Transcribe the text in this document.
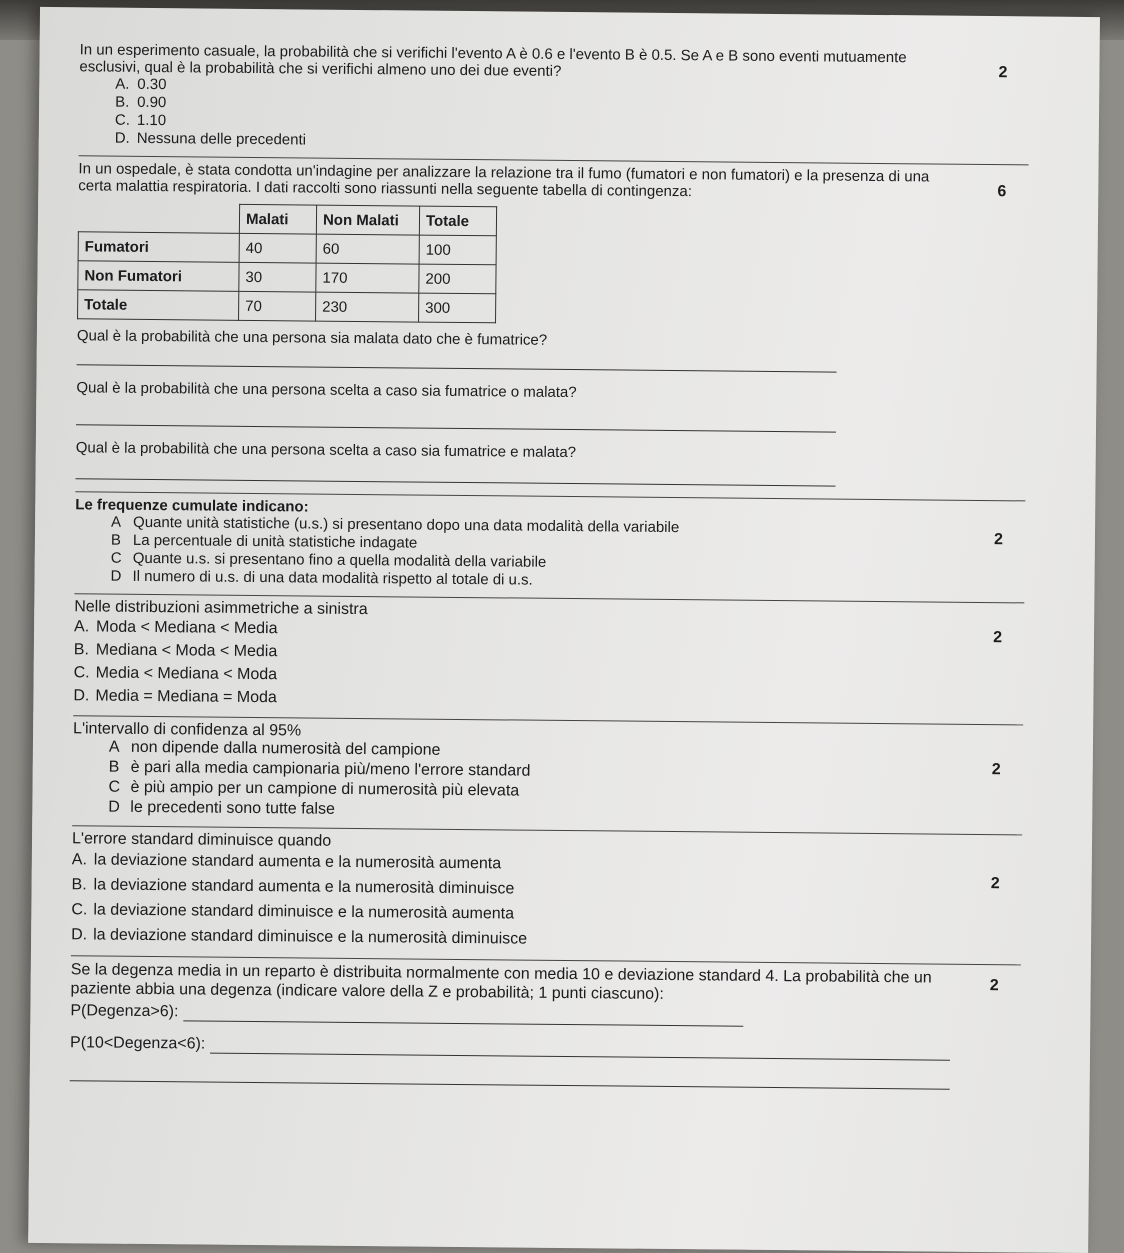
In un esperimento casuale, la probabilità che si verifichi l'evento A è 0.6 e l'evento B è 0.5. Se A e B sono eventi mutuamente esclusivi, qual è la probabilità che si verifichi almeno uno dei due eventi?	2
A. 0.30
B. 0.90
C. 1.10
D. Nessuna delle precedenti
In un ospedale, è stata condotta un'indagine per analizzare la relazione tra il fumo (fumatori e non fumatori) e la presenza di una certa malattia respiratoria. I dati raccolti sono riassunti nella seguente tabella di contingenza:	6
	Malati	Non Malati	Totale
Fumatori	40	60	100
Non Fumatori	30	170	200
Totale	70	230	300
Qual è la probabilità che una persona sia malata dato che è fumatrice?
Qual è la probabilità che una persona scelta a caso sia fumatrice o malata?
Qual è la probabilità che una persona scelta a caso sia fumatrice e malata?
Le frequenze cumulate indicano:
2
A Quante unità statistiche (u.s.) si presentano dopo una data modalità della variabile
B La percentuale di unità statistiche indagate
C Quante u.s. si presentano fino a quella modalità della variabile
D Il numero di u.s. di una data modalità rispetto al totale di u.s.
Nelle distribuzioni asimmetriche a sinistra
2
A. Moda < Mediana < Media
B. Mediana < Moda < Media
C. Media < Mediana < Moda
D. Media = Mediana = Moda
L'intervallo di confidenza al 95%
2
A non dipende dalla numerosità del campione
B è pari alla media campionaria più/meno l'errore standard
C è più ampio per un campione di numerosità più elevata
D le precedenti sono tutte false
L'errore standard diminuisce quando
2
A. la deviazione standard aumenta e la numerosità aumenta
B. la deviazione standard aumenta e la numerosità diminuisce
C. la deviazione standard diminuisce e la numerosità aumenta
D. la deviazione standard diminuisce e la numerosità diminuisce
Se la degenza media in un reparto è distribuita normalmente con media 10 e deviazione standard 4. La probabilità che un paziente abbia una degenza (indicare valore della Z e probabilità; 1 punti ciascuno):	2
P(Degenza>6):
P(10<Degenza<6):
